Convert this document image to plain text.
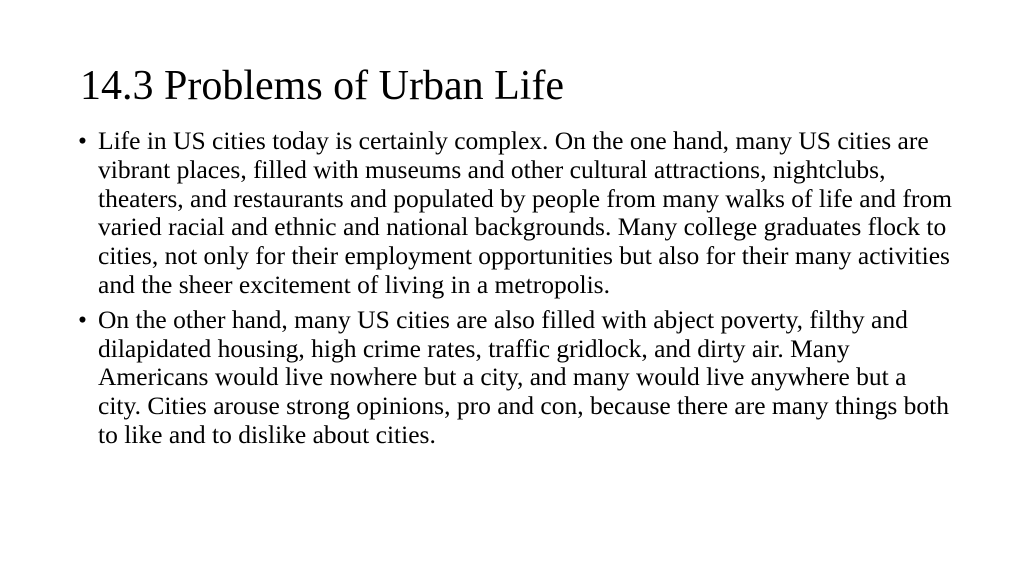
14.3 Problems of Urban Life
• Life in US cities today is certainly complex. On the one hand, many US cities are vibrant places, filled with museums and other cultural attractions, nightclubs, theaters, and restaurants and populated by people from many walks of life and from varied racial and ethnic and national backgrounds. Many college graduates flock to cities, not only for their employment opportunities but also for their many activities and the sheer excitement of living in a metropolis.
• On the other hand, many US cities are also filled with abject poverty, filthy and dilapidated housing, high crime rates, traffic gridlock, and dirty air. Many Americans would live nowhere but a city, and many would live anywhere but a city. Cities arouse strong opinions, pro and con, because there are many things both to like and to dislike about cities.
